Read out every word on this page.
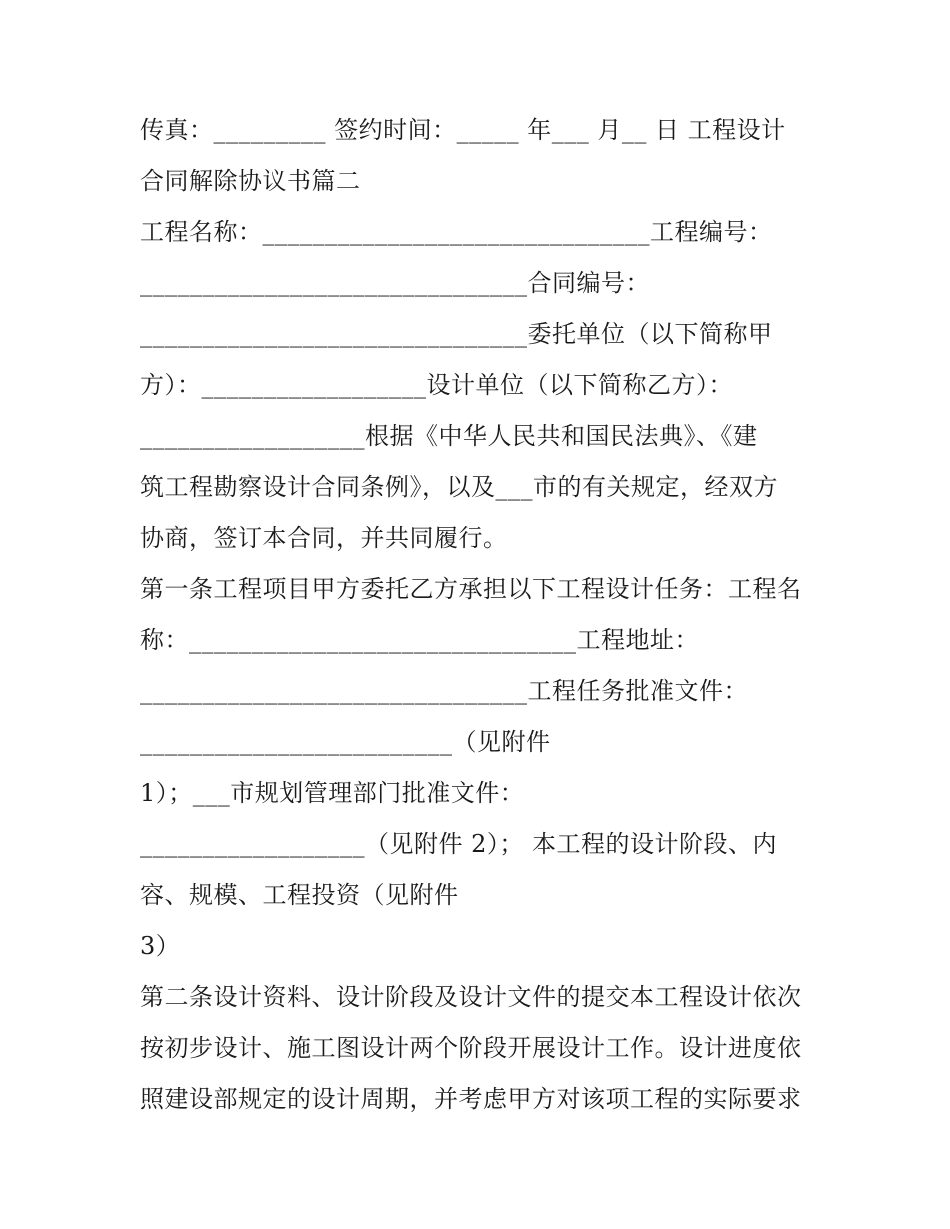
传真：_________ 签约时间：_____ 年___ 月__ 日 工程设计
合同解除协议书篇二
工程名称：_______________________________工程编号：
_______________________________合同编号：
_______________________________委托单位（以下简称甲
方）：__________________设计单位（以下简称乙方）：
__________________根据《中华人民共和国民法典》、《建
筑工程勘察设计合同条例》，以及___市的有关规定，经双方
协商，签订本合同，并共同履行。
第一条工程项目甲方委托乙方承担以下工程设计任务：工程名
称：_______________________________工程地址：
_______________________________工程任务批准文件：
_________________________（见附件
1）；___市规划管理部门批准文件：
__________________（见附件 2）； 本工程的设计阶段、内
容、规模、工程投资（见附件
3）
第二条设计资料、设计阶段及设计文件的提交本工程设计依次
按初步设计、施工图设计两个阶段开展设计工作。设计进度依
照建设部规定的设计周期，并考虑甲方对该项工程的实际要求
